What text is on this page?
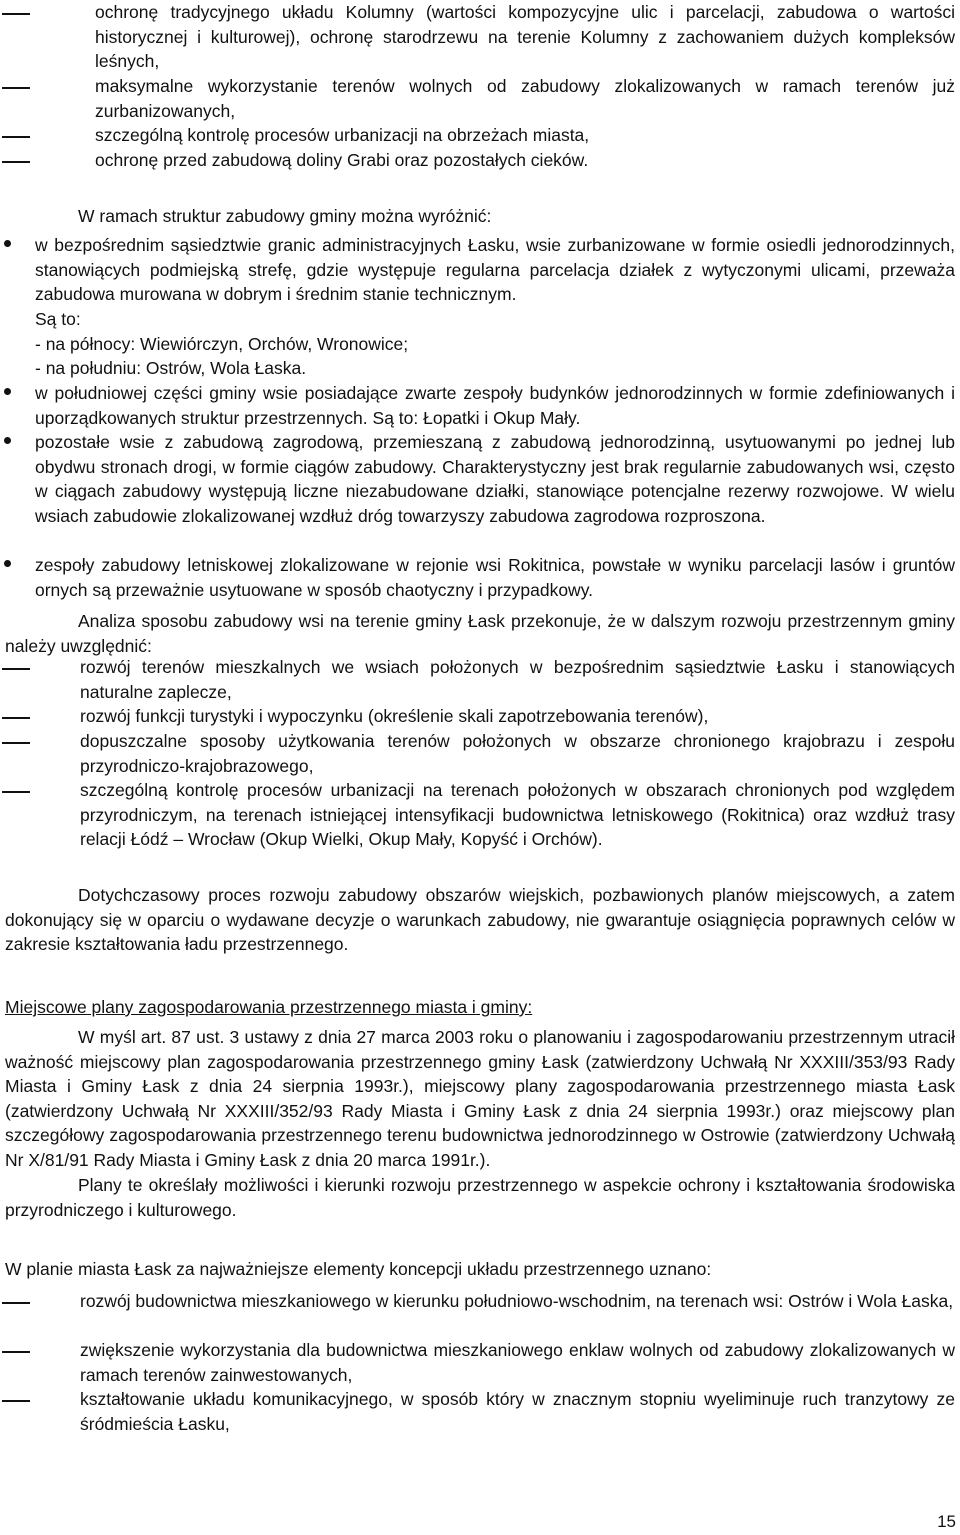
ochronę tradycyjnego układu Kolumny (wartości kompozycyjne ulic i parcelacji, zabudowa o wartości historycznej i kulturowej), ochronę starodrzewu na terenie Kolumny z zachowaniem dużych kompleksów leśnych,

maksymalne wykorzystanie terenów wolnych od zabudowy zlokalizowanych w ramach terenów już zurbanizowanych,

szczególną kontrolę procesów urbanizacji na obrzeżach miasta,

ochronę przed zabudową doliny Grabi oraz pozostałych cieków.

W ramach struktur zabudowy gminy można wyróżnić:

w bezpośrednim sąsiedztwie granic administracyjnych Łasku, wsie zurbanizowane w formie osiedli jednorodzinnych, stanowiących podmiejską strefę, gdzie występuje regularna parcelacja działek z wytyczonymi ulicami, przeważa zabudowa murowana w dobrym i średnim stanie technicznym.

Są to:

- na północy: Wiewiórczyn, Orchów, Wronowice;

- na południu: Ostrów, Wola Łaska.

w południowej części gminy wsie posiadające zwarte zespoły budynków jednorodzinnych w formie zdefiniowanych i uporządkowanych struktur przestrzennych. Są to: Łopatki i Okup Mały.

pozostałe wsie z zabudową zagrodową, przemieszaną z zabudową jednorodzinną, usytuowanymi po jednej lub obydwu stronach drogi, w formie ciągów zabudowy. Charakterystyczny jest brak regularnie zabudowanych wsi, często w ciągach zabudowy występują liczne niezabudowane działki, stanowiące potencjalne rezerwy rozwojowe. W wielu wsiach zabudowie zlokalizowanej wzdłuż dróg towarzyszy zabudowa zagrodowa rozproszona.

zespoły zabudowy letniskowej zlokalizowane w rejonie wsi Rokitnica, powstałe w wyniku parcelacji lasów i gruntów ornych są przeważnie usytuowane w sposób chaotyczny i przypadkowy.

Analiza sposobu zabudowy wsi na terenie gminy Łask przekonuje, że w dalszym rozwoju przestrzennym gminy należy uwzględnić:

rozwój terenów mieszkalnych we wsiach położonych w bezpośrednim sąsiedztwie Łasku i stanowiących naturalne zaplecze,

rozwój funkcji turystyki i wypoczynku (określenie skali zapotrzebowania terenów),

dopuszczalne sposoby użytkowania terenów położonych w obszarze chronionego krajobrazu i zespołu przyrodniczo-krajobrazowego,

szczególną kontrolę procesów urbanizacji na terenach położonych w obszarach chronionych pod względem przyrodniczym, na terenach istniejącej intensyfikacji budownictwa letniskowego (Rokitnica) oraz wzdłuż trasy relacji Łódź – Wrocław (Okup Wielki, Okup Mały, Kopyść i Orchów).

Dotychczasowy proces rozwoju zabudowy obszarów wiejskich, pozbawionych planów miejscowych, a zatem dokonujący się w oparciu o wydawane decyzje o warunkach zabudowy, nie gwarantuje osiągnięcia poprawnych celów w zakresie kształtowania ładu przestrzennego.

Miejscowe plany zagospodarowania przestrzennego miasta i gminy:

W myśl art. 87 ust. 3 ustawy z dnia 27 marca 2003 roku o planowaniu i zagospodarowaniu przestrzennym utracił ważność miejscowy plan zagospodarowania przestrzennego gminy Łask (zatwierdzony Uchwałą Nr XXXIII/353/93 Rady Miasta i Gminy Łask z dnia 24 sierpnia 1993r.), miejscowy plany zagospodarowania przestrzennego miasta Łask (zatwierdzony Uchwałą Nr XXXIII/352/93 Rady Miasta i Gminy Łask z dnia 24 sierpnia 1993r.) oraz miejscowy plan szczegółowy zagospodarowania przestrzennego terenu budownictwa jednorodzinnego w Ostrowie (zatwierdzony Uchwałą Nr X/81/91 Rady Miasta i Gminy Łask z dnia 20 marca 1991r.).

Plany te określały możliwości i kierunki rozwoju przestrzennego w aspekcie ochrony i kształtowania środowiska przyrodniczego i kulturowego.

W planie miasta Łask za najważniejsze elementy koncepcji układu przestrzennego uznano:

rozwój budownictwa mieszkaniowego w kierunku południowo-wschodnim, na terenach wsi: Ostrów i Wola Łaska,

zwiększenie wykorzystania dla budownictwa mieszkaniowego enklaw wolnych od zabudowy zlokalizowanych w ramach terenów zainwestowanych,

kształtowanie układu komunikacyjnego, w sposób który w znacznym stopniu wyeliminuje ruch tranzytowy ze śródmieścia Łasku,

15
